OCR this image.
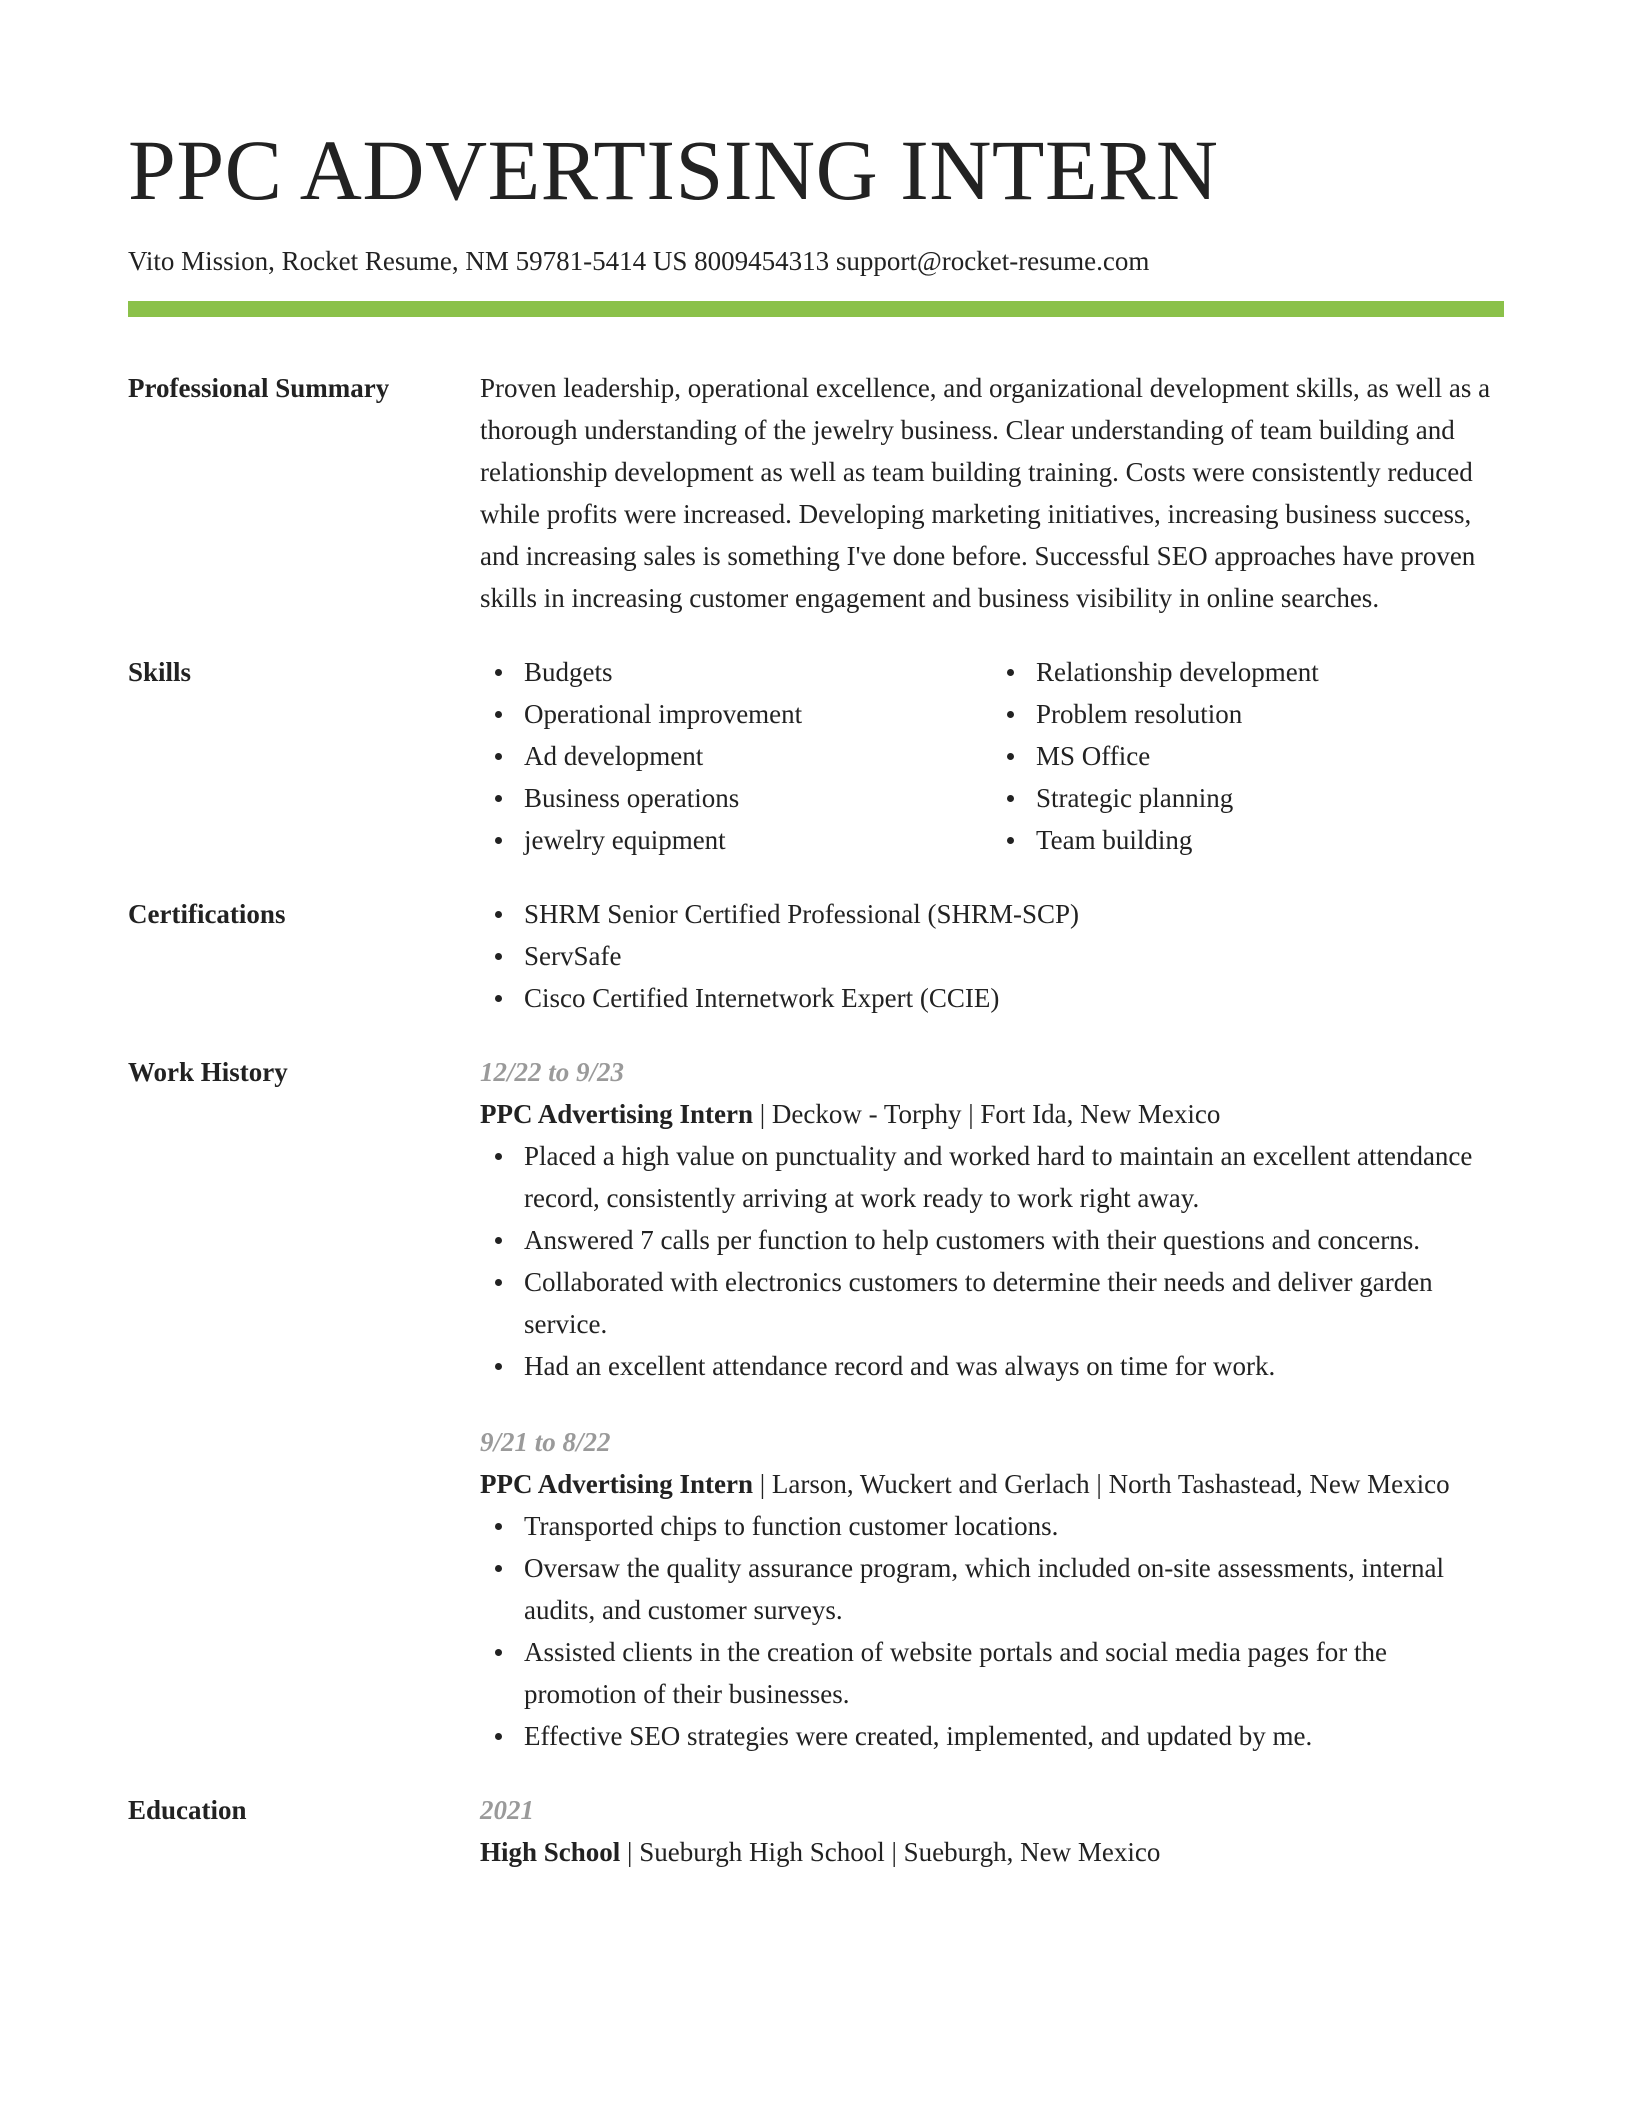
PPC ADVERTISING INTERN
Vito Mission, Rocket Resume, NM 59781-5414 US 8009454313 support@rocket-resume.com
Professional Summary	Proven leadership, operational excellence, and organizational development skills, as well as a thorough understanding of the jewelry business. Clear understanding of team building and relationship development as well as team building training. Costs were consistently reduced while profits were increased. Developing marketing initiatives, increasing business success, and increasing sales is something I've done before. Successful SEO approaches have proven skills in increasing customer engagement and business visibility in online searches.

Skills	Budgets
Operational improvement
Ad development
Business operations
jewelry equipment
Relationship development
Problem resolution
MS Office
Strategic planning
Team building
Certifications	SHRM Senior Certified Professional (SHRM-SCP)
ServSafe
Cisco Certified Internetwork Expert (CCIE)
Work History	12/22 to 9/23
PPC Advertising Intern | Deckow - Torphy | Fort Ida, New Mexico
Placed a high value on punctuality and worked hard to maintain an excellent attendance record, consistently arriving at work ready to work right away.
Answered 7 calls per function to help customers with their questions and concerns.
Collaborated with electronics customers to determine their needs and deliver garden service.
Had an excellent attendance record and was always on time for work.
9/21 to 8/22
PPC Advertising Intern | Larson, Wuckert and Gerlach | North Tashastead, New Mexico
Transported chips to function customer locations.
Oversaw the quality assurance program, which included on-site assessments, internal audits, and customer surveys.
Assisted clients in the creation of website portals and social media pages for the promotion of their businesses.
Effective SEO strategies were created, implemented, and updated by me.
Education	2021
High School | Sueburgh High School | Sueburgh, New Mexico
